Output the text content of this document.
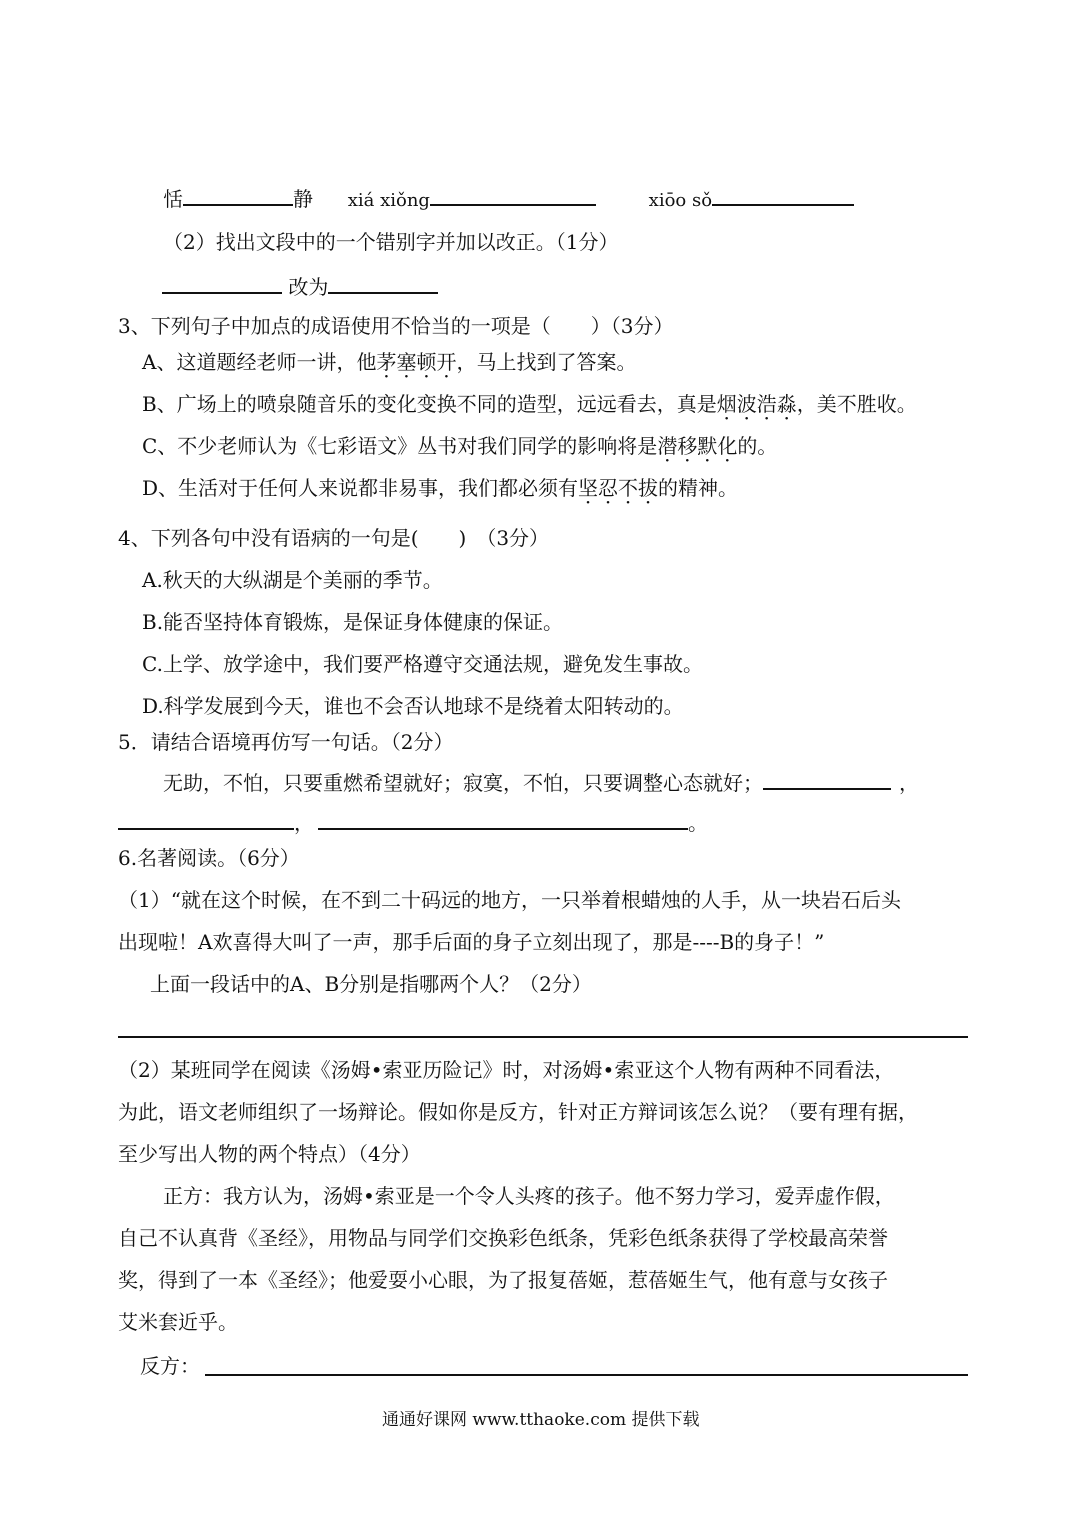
恬	静 xiá xiǒng	xiōo sǒ
（2）找出文段中的一个错别字并加以改正。（1分）
改为
3、下列句子中加点的成语使用不恰当的一项是（　　）（3分）
A、这道题经老师一讲，他茅塞顿开，马上找到了答案。
B、广场上的喷泉随音乐的变化变换不同的造型，远远看去，真是烟波浩淼，美不胜收。
C、不少老师认为《七彩语文》丛书对我们同学的影响将是潜移默化的。
D、生活对于任何人来说都非易事，我们都必须有坚忍不拔的精神。
4、下列各句中没有语病的一句是(　　)　（3分）
A.秋天的大纵湖是个美丽的季节。
B.能否坚持体育锻炼，是保证身体健康的保证。
C.上学、放学途中，我们要严格遵守交通法规，避免发生事故。
D.科学发展到今天，谁也不会否认地球不是绕着太阳转动的。
5．请结合语境再仿写一句话。（2分）
无助，不怕，只要重燃希望就好；寂寞，不怕，只要调整心态就好；	，
，	。
6.名著阅读。（6分）
（1）“就在这个时候，在不到二十码远的地方，一只举着根蜡烛的人手，从一块岩石后头
出现啦！A欢喜得大叫了一声，那手后面的身子立刻出现了，那是----B的身子！”
上面一段话中的A、B分别是指哪两个人？（2分）
（2）某班同学在阅读《汤姆•索亚历险记》时，对汤姆•索亚这个人物有两种不同看法，
为此，语文老师组织了一场辩论。假如你是反方，针对正方辩词该怎么说？（要有理有据，
至少写出人物的两个特点）（4分）
正方：我方认为，汤姆•索亚是一个令人头疼的孩子。他不努力学习，爱弄虚作假，
自己不认真背《圣经》，用物品与同学们交换彩色纸条，凭彩色纸条获得了学校最高荣誉
奖，得到了一本《圣经》；他爱耍小心眼，为了报复蓓姬，惹蓓姬生气，他有意与女孩子
艾米套近乎。
反方：
通通好课网 www.tthaoke.com 提供下载
